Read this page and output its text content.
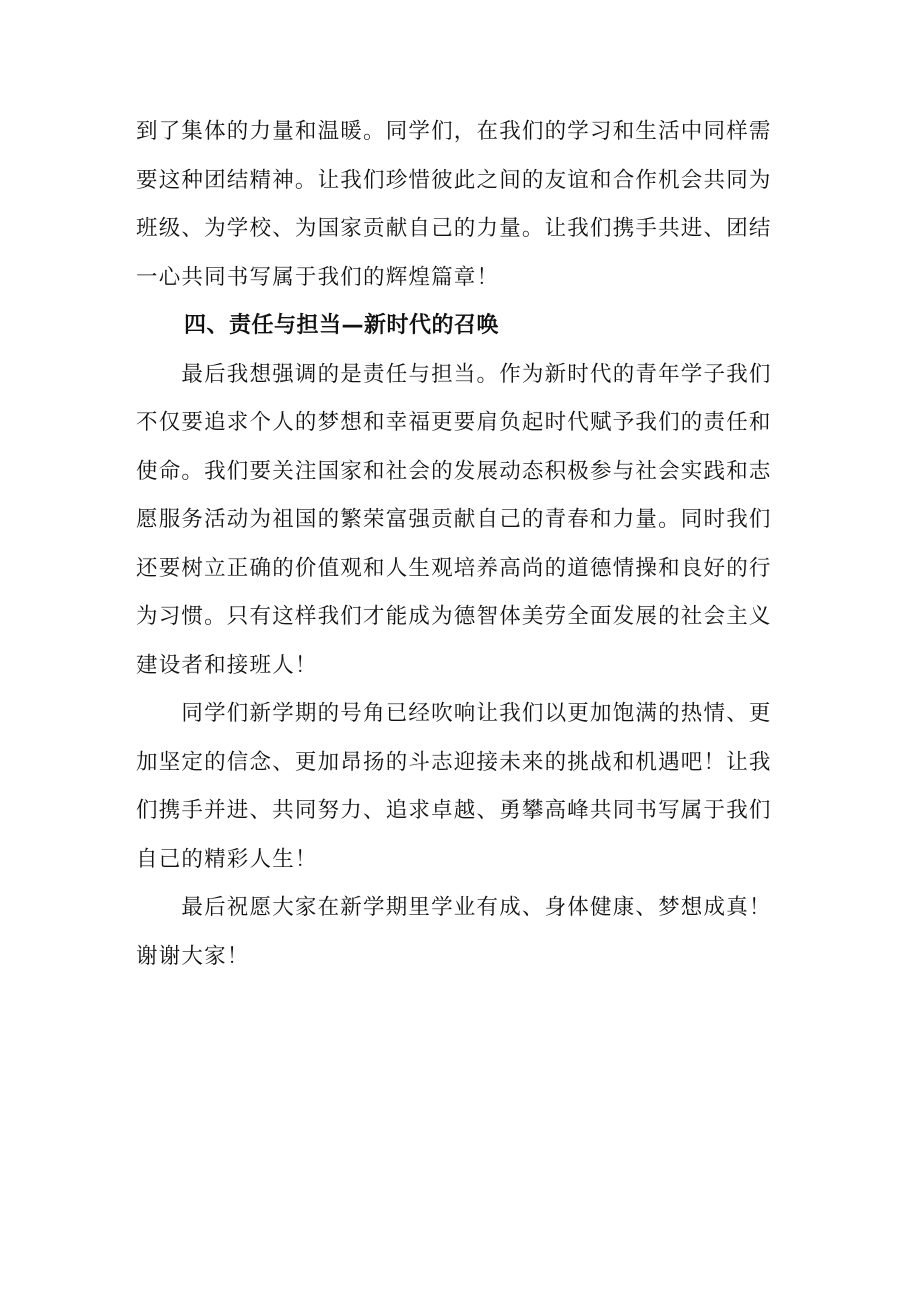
到了集体的力量和温暖。同学们，在我们的学习和生活中同样需
要这种团结精神。让我们珍惜彼此之间的友谊和合作机会共同为
班级、为学校、为国家贡献自己的力量。让我们携手共进、团结
一心共同书写属于我们的辉煌篇章！
四、责任与担当—新时代的召唤
　　最后我想强调的是责任与担当。作为新时代的青年学子我们
不仅要追求个人的梦想和幸福更要肩负起时代赋予我们的责任和
使命。我们要关注国家和社会的发展动态积极参与社会实践和志
愿服务活动为祖国的繁荣富强贡献自己的青春和力量。同时我们
还要树立正确的价值观和人生观培养高尚的道德情操和良好的行
为习惯。只有这样我们才能成为德智体美劳全面发展的社会主义
建设者和接班人！
　　同学们新学期的号角已经吹响让我们以更加饱满的热情、更
加坚定的信念、更加昂扬的斗志迎接未来的挑战和机遇吧！让我
们携手并进、共同努力、追求卓越、勇攀高峰共同书写属于我们
自己的精彩人生！
　　最后祝愿大家在新学期里学业有成、身体健康、梦想成真！
谢谢大家！
